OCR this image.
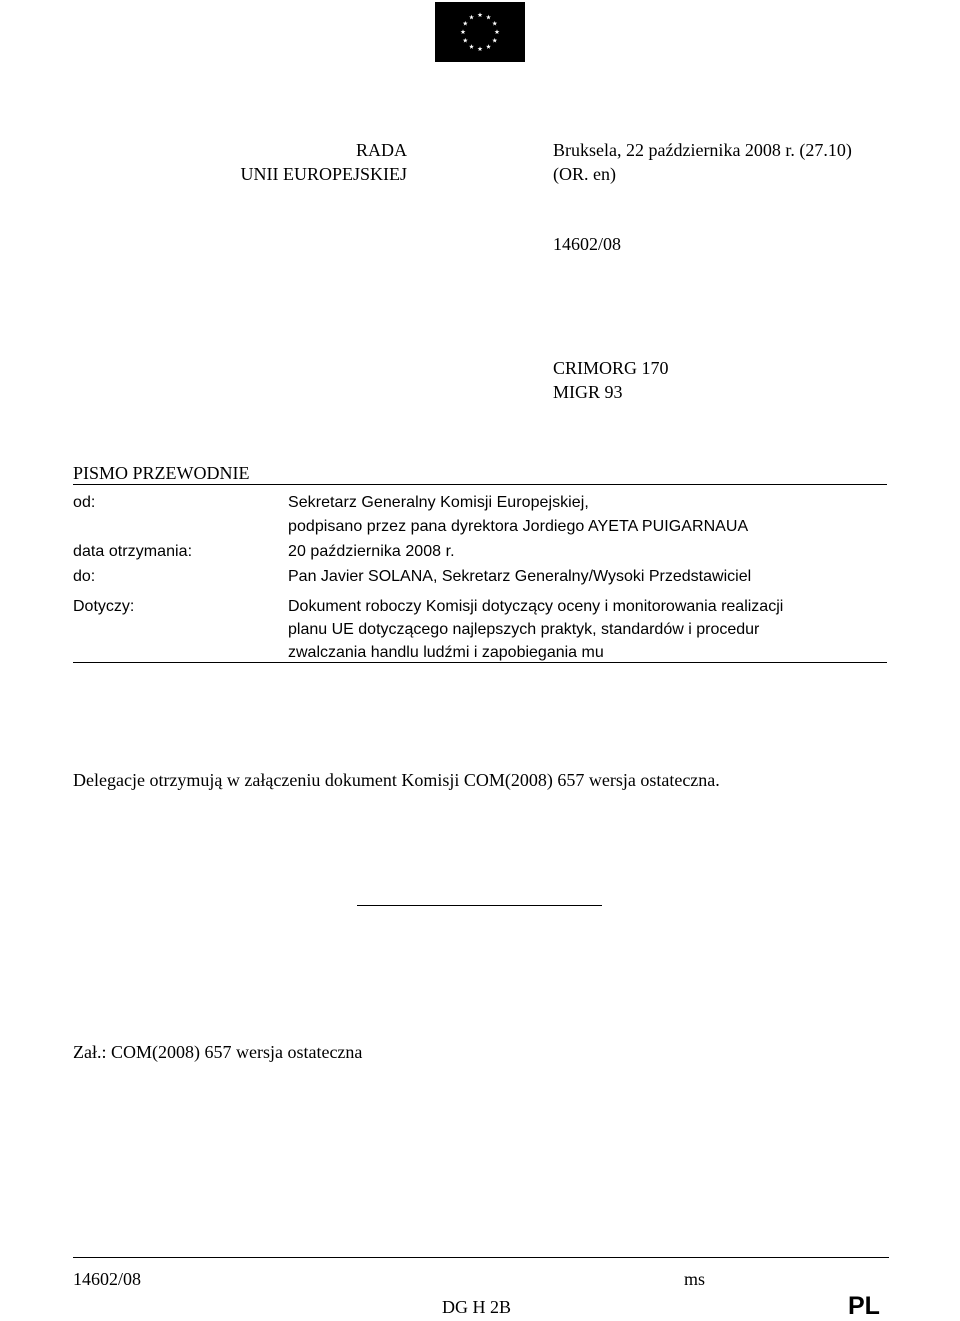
RADA
UNII EUROPEJSKIEJ
Bruksela, 22 października 2008 r. (27.10)
(OR. en)
14602/08
CRIMORG 170
MIGR 93
PISMO PRZEWODNIE
od:	Sekretarz Generalny Komisji Europejskiej,
podpisano przez pana dyrektora Jordiego AYETA PUIGARNAUA
data otrzymania:	20 października 2008 r.
do:	Pan Javier SOLANA, Sekretarz Generalny/Wysoki Przedstawiciel
Dotyczy:	Dokument roboczy Komisji dotyczący oceny i monitorowania realizacji
planu UE dotyczącego najlepszych praktyk, standardów i procedur
zwalczania handlu ludźmi i zapobiegania mu
Delegacje otrzymują w załączeniu dokument Komisji COM(2008) 657 wersja ostateczna.
Zał.: COM(2008) 657 wersja ostateczna
14602/08	ms
DG H 2B	PL
